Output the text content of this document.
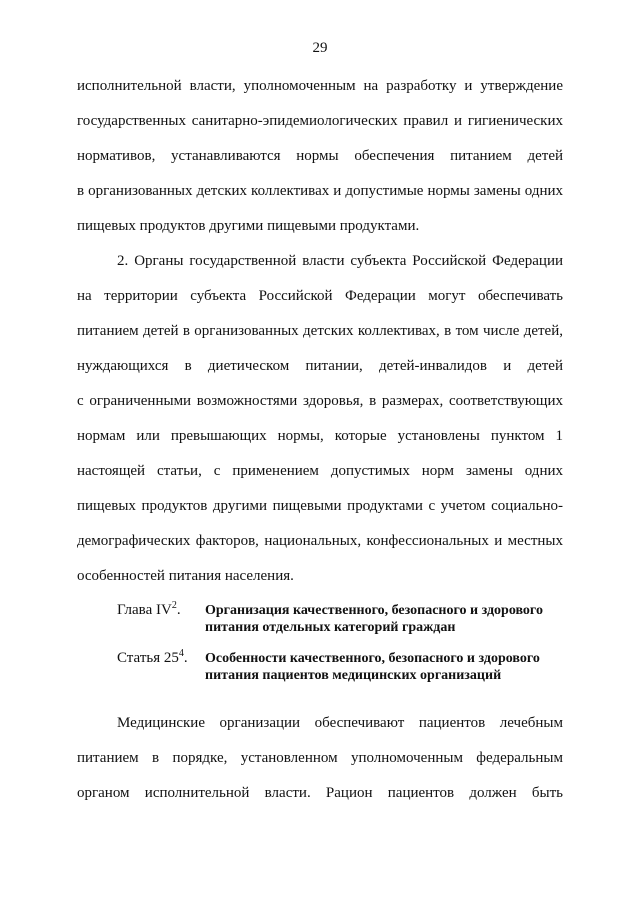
29
исполнительной власти, уполномоченным на разработку и утверждение
государственных санитарно-эпидемиологических правил и гигиенических
нормативов, устанавливаются нормы обеспечения питанием детей
в организованных детских коллективах и допустимые нормы замены одних
пищевых продуктов другими пищевыми продуктами.
2. Органы государственной власти субъекта Российской Федерации
на территории субъекта Российской Федерации могут обеспечивать
питанием детей в организованных детских коллективах, в том числе детей,
нуждающихся в диетическом питании, детей-инвалидов и детей
с ограниченными возможностями здоровья, в размерах, соответствующих
нормам или превышающих нормы, которые установлены пунктом 1
настоящей статьи, с применением допустимых норм замены одних
пищевых продуктов другими пищевыми продуктами с учетом социально-
демографических факторов, национальных, конфессиональных и местных
особенностей питания населения.
Глава $IV^2$. Организация качественного, безопасного и здорового питания отдельных категорий граждан
Статья $25^4$. Особенности качественного, безопасного и здорового питания пациентов медицинских организаций
Медицинские организации обеспечивают пациентов лечебным
питанием в порядке, установленном уполномоченным федеральным
органом исполнительной власти. Рацион пациентов должен быть
